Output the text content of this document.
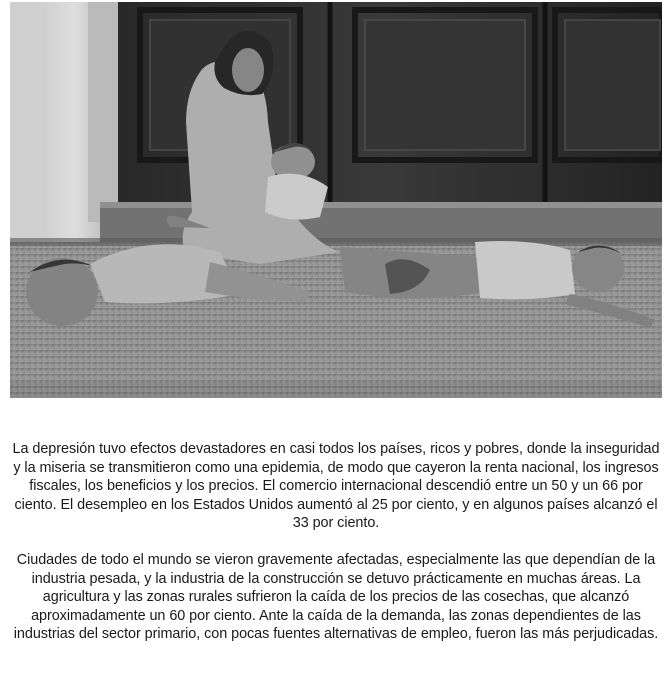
La depresión tuvo efectos devastadores en casi todos los países, ricos y pobres, donde la inseguridad y la miseria se transmitieron como una epidemia, de modo que cayeron la renta nacional, los ingresos fiscales, los beneficios y los precios. El comercio internacional descendió entre un 50 y un 66 por ciento. El desempleo en los Estados Unidos aumentó al 25 por ciento, y en algunos países alcanzó el 33 por ciento.

Ciudades de todo el mundo se vieron gravemente afectadas, especialmente las que dependían de la industria pesada, y la industria de la construcción se detuvo prácticamente en muchas áreas. La agricultura y las zonas rurales sufrieron la caída de los precios de las cosechas, que alcanzó aproximadamente un 60 por ciento. Ante la caída de la demanda, las zonas dependientes de las industrias del sector primario, con pocas fuentes alternativas de empleo, fueron las más perjudicadas.
